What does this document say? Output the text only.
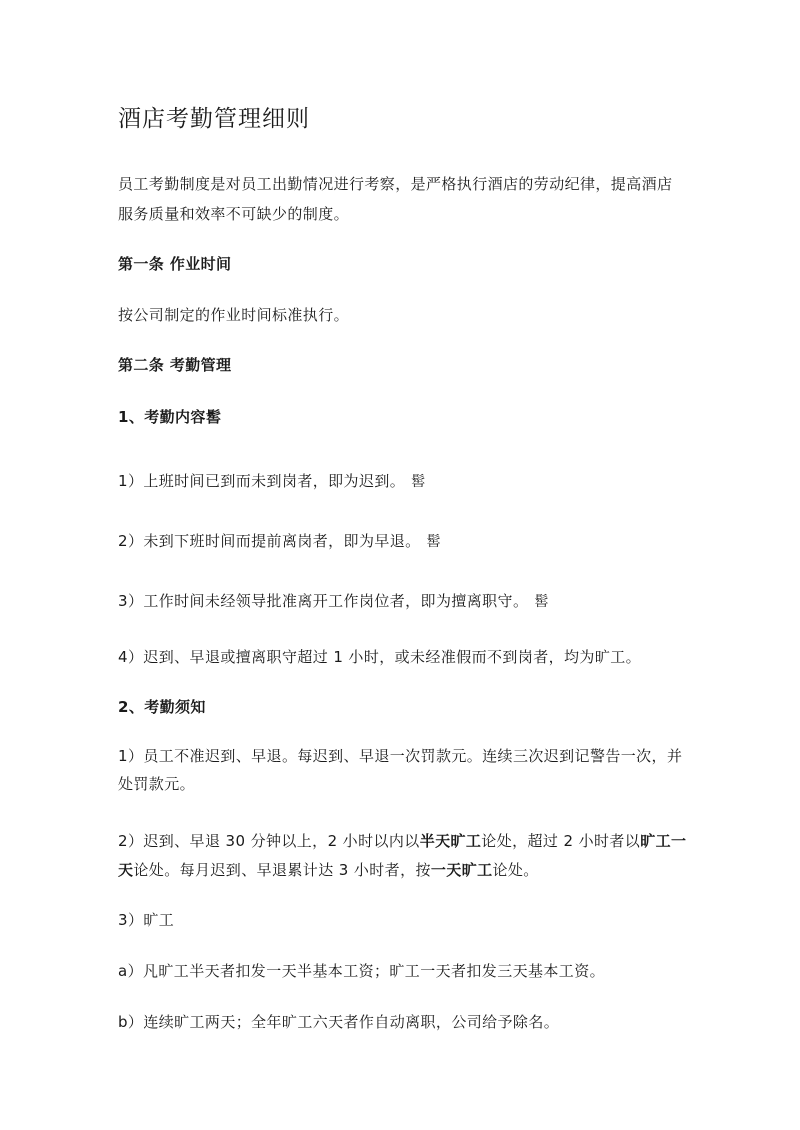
酒店考勤管理细则
员工考勤制度是对员工出勤情况进行考察，是严格执行酒店的劳动纪律，提高酒店
服务质量和效率不可缺少的制度。
第一条 作业时间
按公司制定的作业时间标准执行。
第二条 考勤管理
1、考勤内容䯻
1）上班时间已到而未到岗者，即为迟到。 䯻
2）未到下班时间而提前离岗者，即为早退。 䯻
3）工作时间未经领导批准离开工作岗位者，即为擅离职守。 䯻
4）迟到、早退或擅离职守超过 1 小时，或未经准假而不到岗者，均为旷工。
2、考勤须知
1）员工不准迟到、早退。每迟到、早退一次罚款元。连续三次迟到记警告一次，并
处罚款元。
2）迟到、早退 30 分钟以上，2 小时以内以半天旷工论处，超过 2 小时者以旷工一
天论处。每月迟到、早退累计达 3 小时者，按一天旷工论处。
3）旷工
a）凡旷工半天者扣发一天半基本工资；旷工一天者扣发三天基本工资。
b）连续旷工两天；全年旷工六天者作自动离职，公司给予除名。
